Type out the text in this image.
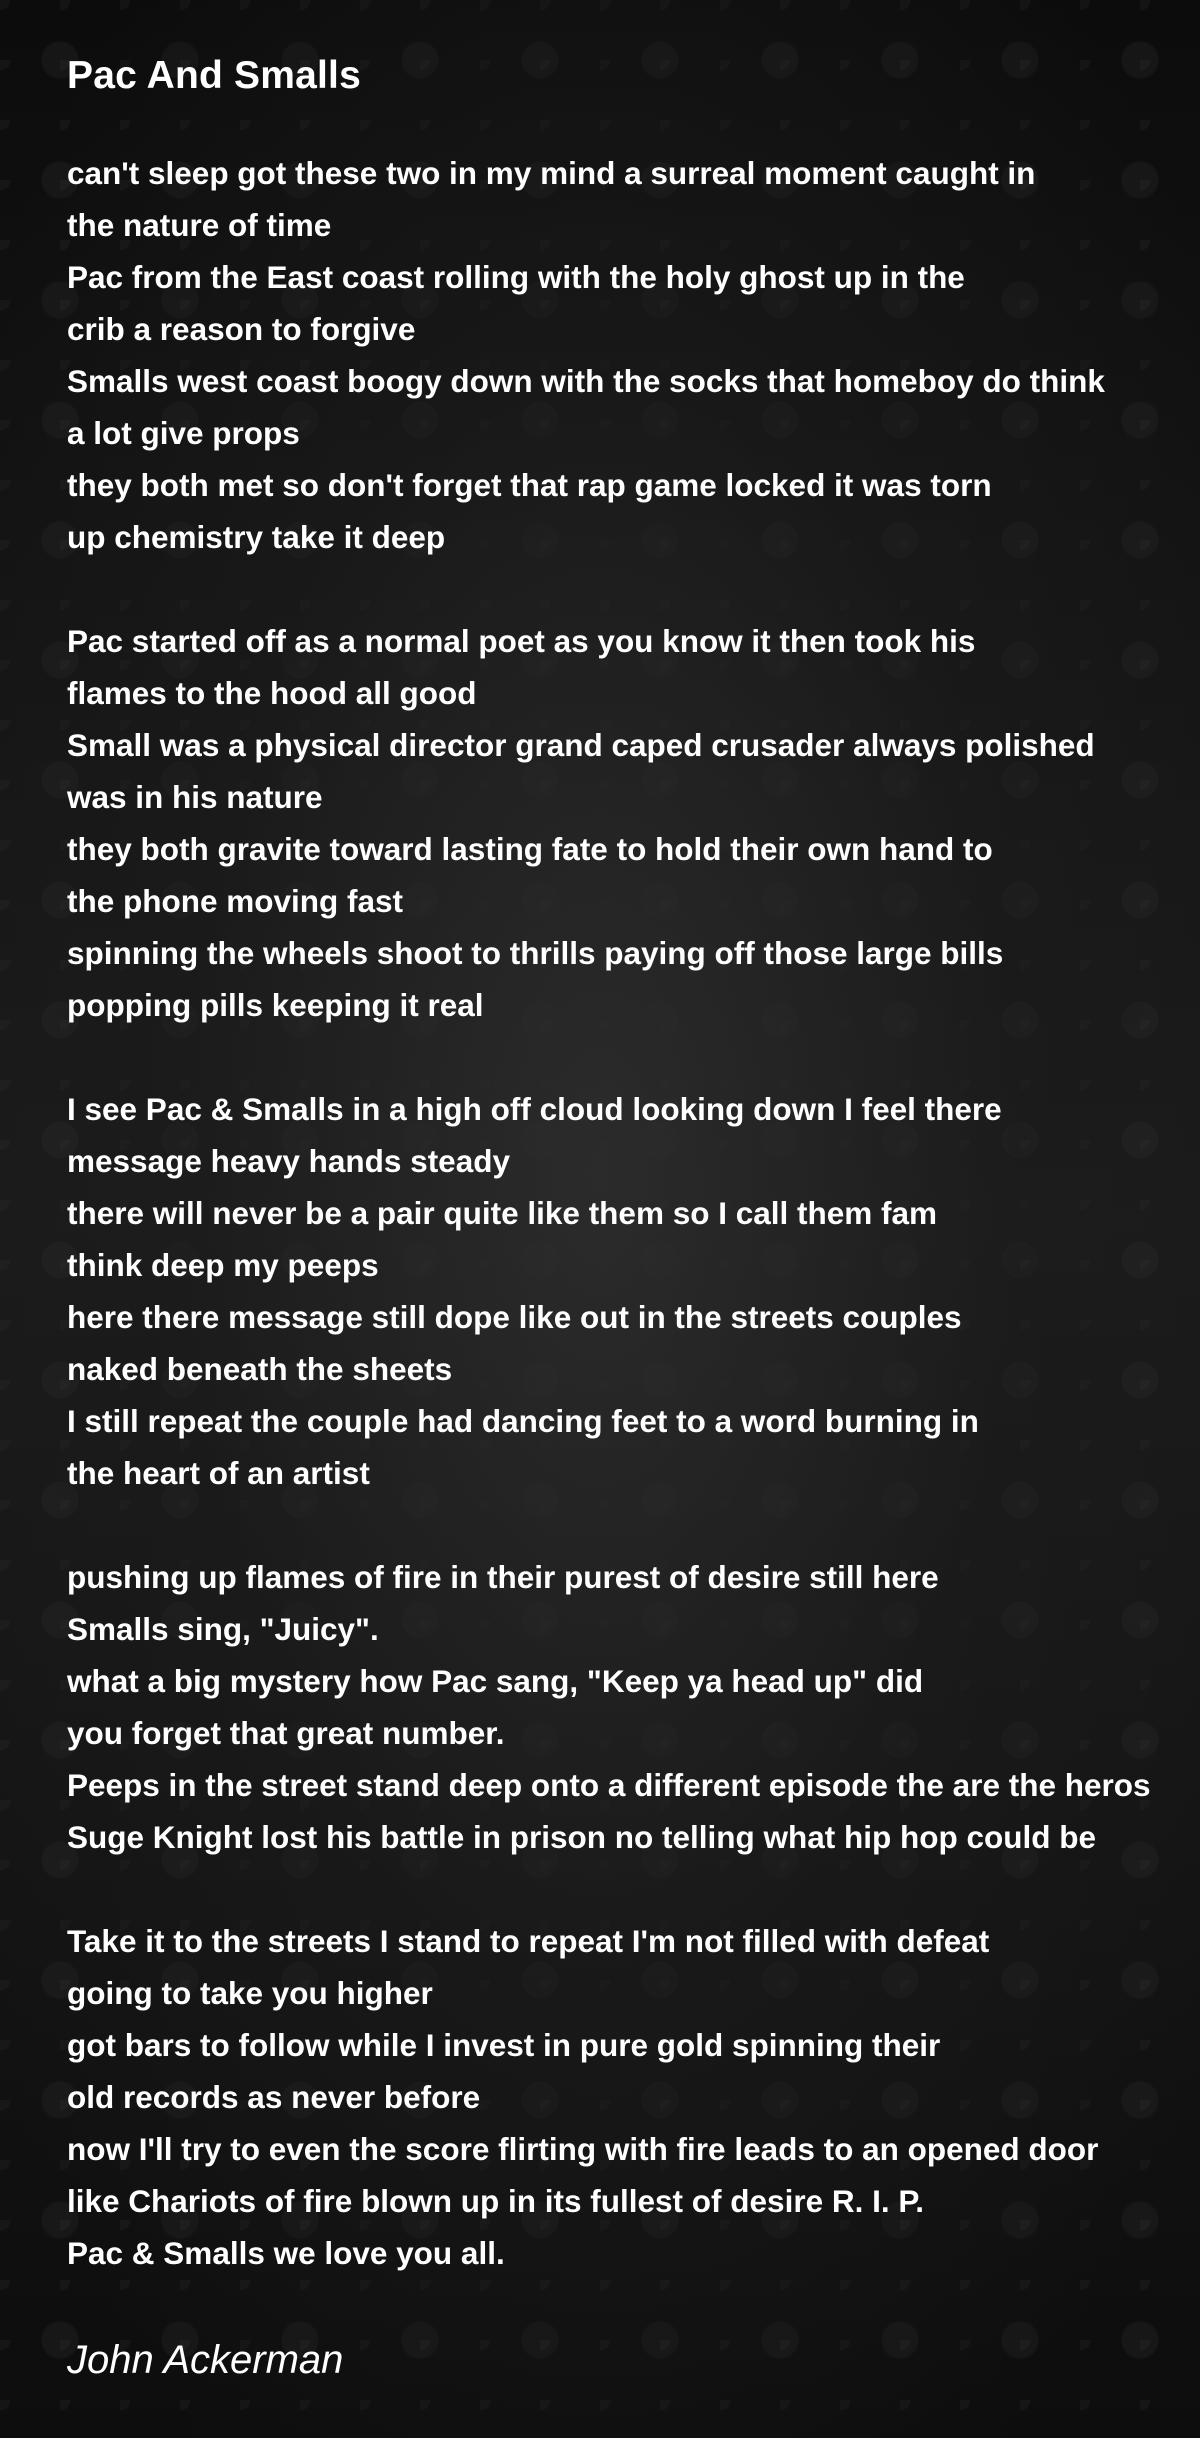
Pac And Smalls
can't sleep got these two in my mind a surreal moment caught in
the nature of time
Pac from the East coast rolling with the holy ghost up in the
crib a reason to forgive
Smalls west coast boogy down with the socks that homeboy do think
a lot give props
they both met so don't forget that rap game locked it was torn
up chemistry take it deep
Pac started off as a normal poet as you know it then took his
flames to the hood all good
Small was a physical director grand caped crusader always polished
was in his nature
they both gravite toward lasting fate to hold their own hand to
the phone moving fast
spinning the wheels shoot to thrills paying off those large bills
popping pills keeping it real
I see Pac & Smalls in a high off cloud looking down I feel there
message heavy hands steady
there will never be a pair quite like them so I call them fam
think deep my peeps
here there message still dope like out in the streets couples
naked beneath the sheets
I still repeat the couple had dancing feet to a word burning in
the heart of an artist
pushing up flames of fire in their purest of desire still here
Smalls sing, "Juicy".
what a big mystery how Pac sang, "Keep ya head up" did
you forget that great number.
Peeps in the street stand deep onto a different episode the are the heros
Suge Knight lost his battle in prison no telling what hip hop could be
Take it to the streets I stand to repeat I'm not filled with defeat
going to take you higher
got bars to follow while I invest in pure gold spinning their
old records as never before
now I'll try to even the score flirting with fire leads to an opened door
like Chariots of fire blown up in its fullest of desire R. I. P.
Pac & Smalls we love you all.
John Ackerman
